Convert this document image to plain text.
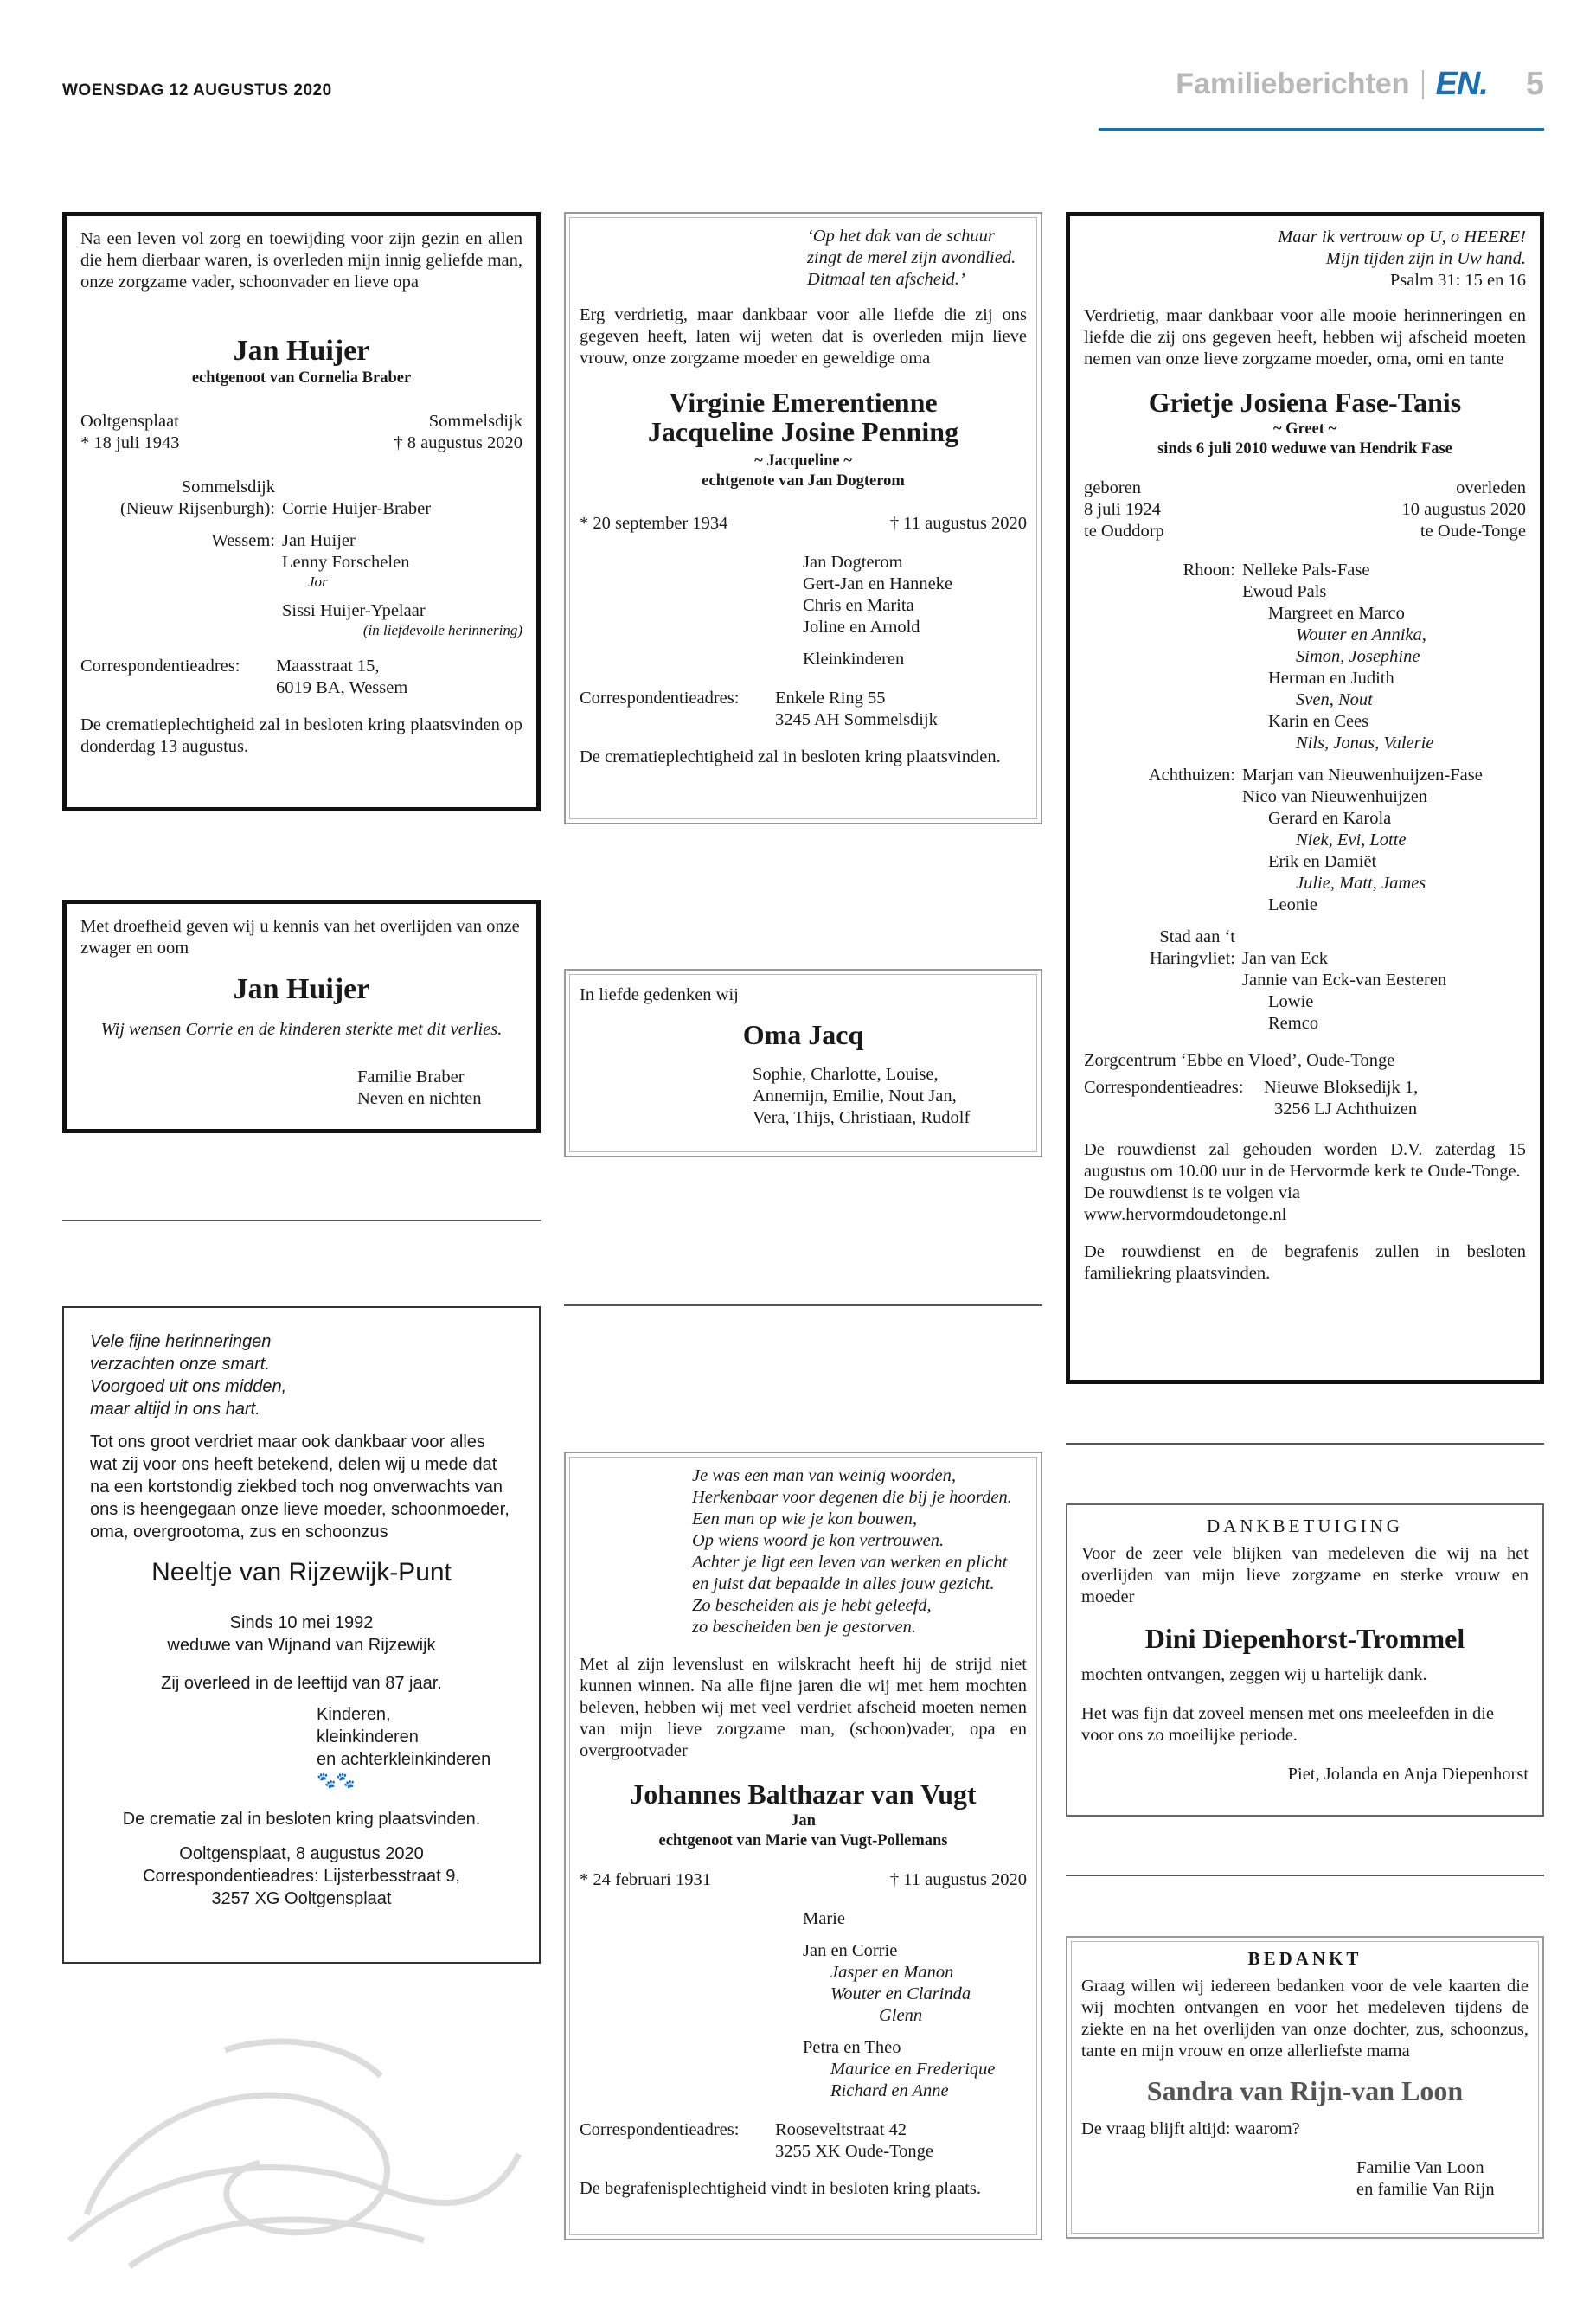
WOENSDAG 12 AUGUSTUS 2020	Familieberichten EN. 5

Na een leven vol zorg en toewijding voor zijn gezin en allen die hem dierbaar waren, is overleden mijn innig geliefde man, onze zorgzame vader, schoonvader en lieve opa

Jan Huijer

echtgenoot van Cornelia Braber

Ooltgensplaat	Sommelsdijk
* 18 juli 1943	† 8 augustus 2020
Sommelsdijk
(Nieuw Rijsenburgh): Corrie Huijer-Braber
Wessem: Jan Huijer
Lenny Forschelen
Jor
Sissi Huijer-Ypelaar
(in liefdevolle herinnering)
Correspondentieadres:	Maasstraat 15,
6019 BA, Wessem

De crematieplechtigheid zal in besloten kring plaatsvinden op donderdag 13 augustus.

Met droefheid geven wij u kennis van het overlijden van onze zwager en oom

Jan Huijer

Wij wensen Corrie en de kinderen sterkte met dit verlies.

Familie Braber
Neven en nichten
Vele fijne herinneringen
verzachten onze smart.
Voorgoed uit ons midden,
maar altijd in ons hart.

Tot ons groot verdriet maar ook dankbaar voor alles wat zij voor ons heeft betekend, delen wij u mede dat na een kortstondig ziekbed toch nog onverwachts van ons is heengegaan onze lieve moeder, schoonmoeder, oma, overgrootoma, zus en schoonzus

Neeltje van Rijzewijk-Punt

Sinds 10 mei 1992

weduwe van Wijnand van Rijzewijk

Zij overleed in de leeftijd van 87 jaar.

Kinderen,
kleinkinderen
en achterkleinkinderen
🐾🐾

De crematie zal in besloten kring plaatsvinden.

Ooltgensplaat, 8 augustus 2020

Correspondentieadres: Lijsterbesstraat 9,

3257 XG Ooltgensplaat

‘Op het dak van de schuur
zingt de merel zijn avondlied.
Ditmaal ten afscheid.’

Erg verdrietig, maar dankbaar voor alle liefde die zij ons gegeven heeft, laten wij weten dat is overleden mijn lieve vrouw, onze zorgzame moeder en geweldige oma

Virginie Emerentienne

Jacqueline Josine Penning

~ Jacqueline ~

echtgenote van Jan Dogterom

* 20 september 1934	† 11 augustus 2020
Jan Dogterom
Gert-Jan en Hanneke
Chris en Marita
Joline en Arnold
Kleinkinderen
Correspondentieadres:	Enkele Ring 55
3245 AH Sommelsdijk

De crematieplechtigheid zal in besloten kring plaatsvinden.

In liefde gedenken wij

Oma Jacq

Sophie, Charlotte, Louise,
Annemijn, Emilie, Nout Jan,
Vera, Thijs, Christiaan, Rudolf
Je was een man van weinig woorden,
Herkenbaar voor degenen die bij je hoorden.
Een man op wie je kon bouwen,
Op wiens woord je kon vertrouwen.
Achter je ligt een leven van werken en plicht
en juist dat bepaalde in alles jouw gezicht.
Zo bescheiden als je hebt geleefd,
zo bescheiden ben je gestorven.

Met al zijn levenslust en wilskracht heeft hij de strijd niet kunnen winnen. Na alle fijne jaren die wij met hem mochten beleven, hebben wij met veel verdriet afscheid moeten nemen van mijn lieve zorgzame man, (schoon)vader, opa en overgrootvader

Johannes Balthazar van Vugt

Jan

echtgenoot van Marie van Vugt-Pollemans

* 24 februari 1931	† 11 augustus 2020
Marie
Jan en Corrie
Jasper en Manon
Wouter en Clarinda
Glenn
Petra en Theo
Maurice en Frederique
Richard en Anne
Correspondentieadres:	Rooseveltstraat 42
3255 XK Oude-Tonge

De begrafenisplechtigheid vindt in besloten kring plaats.

Maar ik vertrouw op U, o HEERE!
Mijn tijden zijn in Uw hand.
Psalm 31: 15 en 16

Verdrietig, maar dankbaar voor alle mooie herinneringen en liefde die zij ons gegeven heeft, hebben wij afscheid moeten nemen van onze lieve zorgzame moeder, oma, omi en tante

Grietje Josiena Fase-Tanis

~ Greet ~

sinds 6 juli 2010 weduwe van Hendrik Fase

geboren	overleden
8 juli 1924	10 augustus 2020
te Ouddorp	te Oude-Tonge
Rhoon: Nelleke Pals-Fase
Ewoud Pals
Margreet en Marco
Wouter en Annika,
Simon, Josephine
Herman en Judith
Sven, Nout
Karin en Cees
Nils, Jonas, Valerie
Achthuizen: Marjan van Nieuwenhuijzen-Fase
Nico van Nieuwenhuijzen
Gerard en Karola
Niek, Evi, Lotte
Erik en Damiët
Julie, Matt, James
Leonie
Stad aan ‘t
Haringvliet: Jan van Eck
Jannie van Eck-van Eesteren
Lowie
Remco

Zorgcentrum ‘Ebbe en Vloed’, Oude-Tonge

Correspondentieadres:	Nieuwe Bloksedijk 1,
3256 LJ Achthuizen

De rouwdienst zal gehouden worden D.V. zaterdag 15 augustus om 10.00 uur in de Hervormde kerk te Oude-Tonge.

De rouwdienst is te volgen via

www.hervormdoudetonge.nl

De rouwdienst en de begrafenis zullen in besloten familiekring plaatsvinden.

DANKBETUIGING

Voor de zeer vele blijken van medeleven die wij na het overlijden van mijn lieve zorgzame en sterke vrouw en moeder

Dini Diepenhorst-Trommel

mochten ontvangen, zeggen wij u hartelijk dank.

Het was fijn dat zoveel mensen met ons meeleefden in die voor ons zo moeilijke periode.

Piet, Jolanda en Anja Diepenhorst

BEDANKT

Graag willen wij iedereen bedanken voor de vele kaarten die wij mochten ontvangen en voor het medeleven tijdens de ziekte en na het overlijden van onze dochter, zus, schoonzus, tante en mijn vrouw en onze allerliefste mama

Sandra van Rijn-van Loon

De vraag blijft altijd: waarom?

Familie Van Loon
en familie Van Rijn
